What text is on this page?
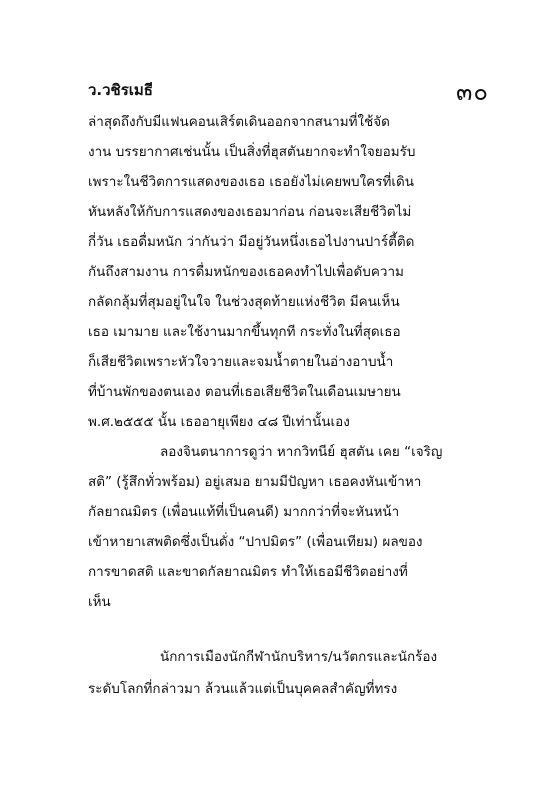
ว.วชิรเมธี	๓๐
ล่าสุดถึงกับมีแฟนคอนเสิร์ตเดินออกจากสนามที่ใช้จัด
งาน บรรยากาศเช่นนั้น เป็นสิ่งที่ฮุสตันยากจะทำใจยอมรับ
เพราะในชีวิตการแสดงของเธอ เธอยังไม่เคยพบใครที่เดิน
หันหลังให้กับการแสดงของเธอมาก่อน ก่อนจะเสียชีวิตไม่
กี่วัน เธอดื่มหนัก ว่ากันว่า มีอยู่วันหนึ่งเธอไปงานปาร์ตี้ติด
กันถึงสามงาน การดื่มหนักของเธอคงทำไปเพื่อดับความ
กลัดกลุ้มที่สุมอยู่ในใจ ในช่วงสุดท้ายแห่งชีวิต มีคนเห็น
เธอ เมามาย และใช้งานมากขึ้นทุกที กระทั่งในที่สุดเธอ
ก็เสียชีวิตเพราะหัวใจวายและจมน้ำตายในอ่างอาบน้ำ
ที่บ้านพักของตนเอง ตอนที่เธอเสียชีวิตในเดือนเมษายน
พ.ศ.๒๕๕๕ นั้น เธออายุเพียง ๔๘ ปีเท่านั้นเอง
ลองจินตนาการดูว่า หากวิทนีย์ ฮุสตัน เคย “เจริญ
สติ” (รู้สึกทั่วพร้อม) อยู่เสมอ ยามมีปัญหา เธอคงหันเข้าหา
กัลยาณมิตร (เพื่อนแท้ที่เป็นคนดี) มากกว่าที่จะหันหน้า
เข้าหายาเสพติดซึ่งเป็นดั่ง “ปาปมิตร” (เพื่อนเทียม) ผลของ
การขาดสติ และขาดกัลยาณมิตร ทำให้เธอมีชีวิตอย่างที่
เห็น
นักการเมืองนักกีฬานักบริหาร/นวัตกรและนักร้อง
ระดับโลกที่กล่าวมา ล้วนแล้วแต่เป็นบุคคลสำคัญที่ทรง
